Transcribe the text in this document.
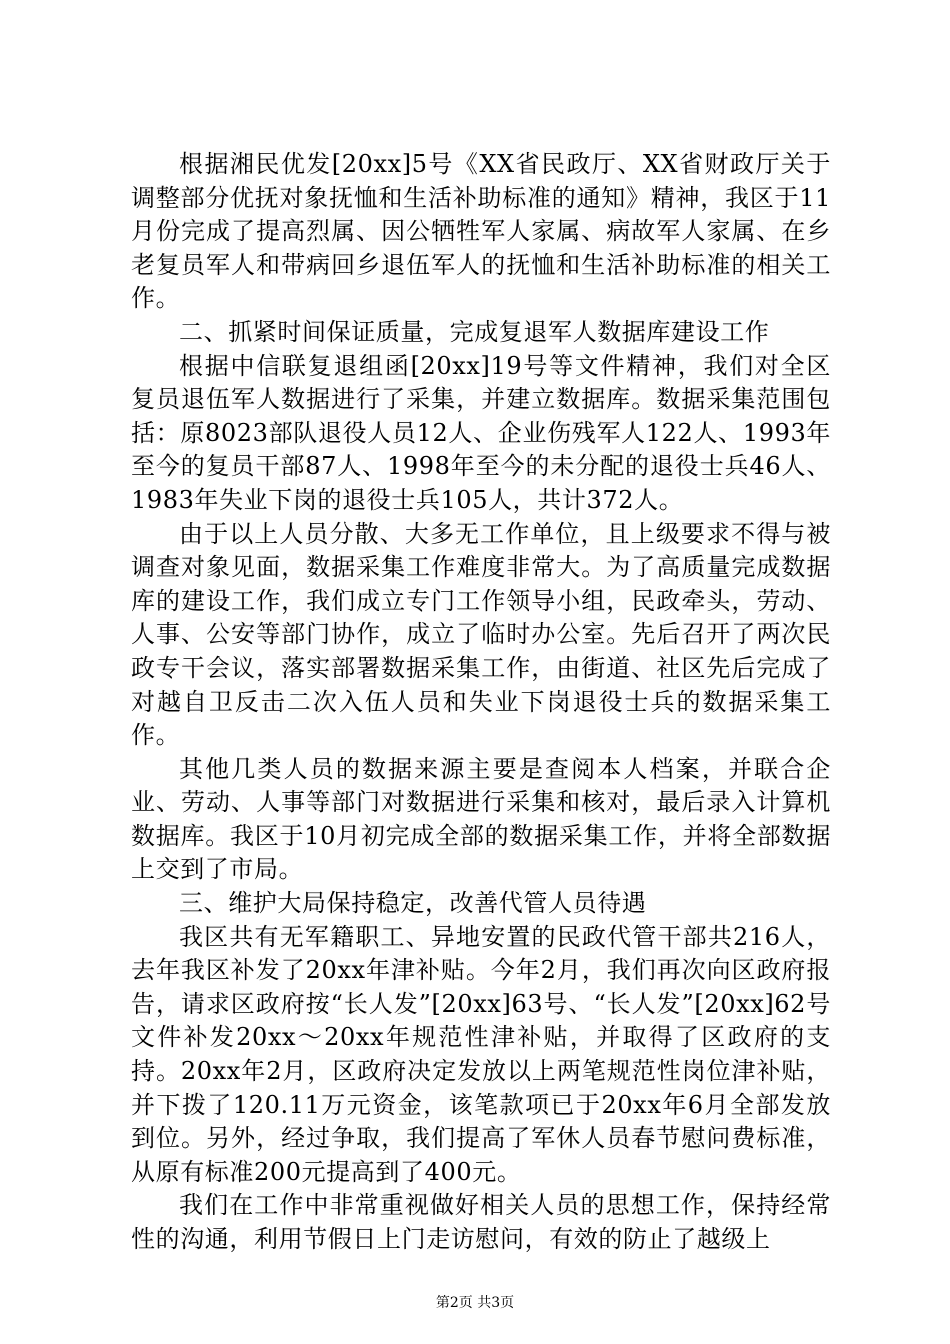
根据湘民优发[20xx]5号《XX省民政厅、XX省财政厅关于调整部分优抚对象抚恤和生活补助标准的通知》精神，我区于11月份完成了提高烈属、因公牺牲军人家属、病故军人家属、在乡老复员军人和带病回乡退伍军人的抚恤和生活补助标准的相关工作。

二、抓紧时间保证质量，完成复退军人数据库建设工作

根据中信联复退组函[20xx]19号等文件精神，我们对全区复员退伍军人数据进行了采集，并建立数据库。数据采集范围包括：原8023部队退役人员12人、企业伤残军人122人、1993年至今的复员干部87人、1998年至今的未分配的退役士兵46人、1983年失业下岗的退役士兵105人，共计372人。

由于以上人员分散、大多无工作单位，且上级要求不得与被调查对象见面，数据采集工作难度非常大。为了高质量完成数据库的建设工作，我们成立专门工作领导小组，民政牵头，劳动、人事、公安等部门协作，成立了临时办公室。先后召开了两次民政专干会议，落实部署数据采集工作，由街道、社区先后完成了对越自卫反击二次入伍人员和失业下岗退役士兵的数据采集工作。

其他几类人员的数据来源主要是查阅本人档案，并联合企业、劳动、人事等部门对数据进行采集和核对，最后录入计算机数据库。我区于10月初完成全部的数据采集工作，并将全部数据上交到了市局。

三、维护大局保持稳定，改善代管人员待遇

我区共有无军籍职工、异地安置的民政代管干部共216人，去年我区补发了20xx年津补贴。今年2月，我们再次向区政府报告，请求区政府按“长人发”[20xx]63号、“长人发”[20xx]62号文件补发20xx～20xx年规范性津补贴，并取得了区政府的支持。20xx年2月，区政府决定发放以上两笔规范性岗位津补贴，并下拨了120.11万元资金，该笔款项已于20xx年6月全部发放到位。另外，经过争取，我们提高了军休人员春节慰问费标准，从原有标准200元提高到了400元。

我们在工作中非常重视做好相关人员的思想工作，保持经常性的沟通，利用节假日上门走访慰问，有效的防止了越级上

第2页 共3页
